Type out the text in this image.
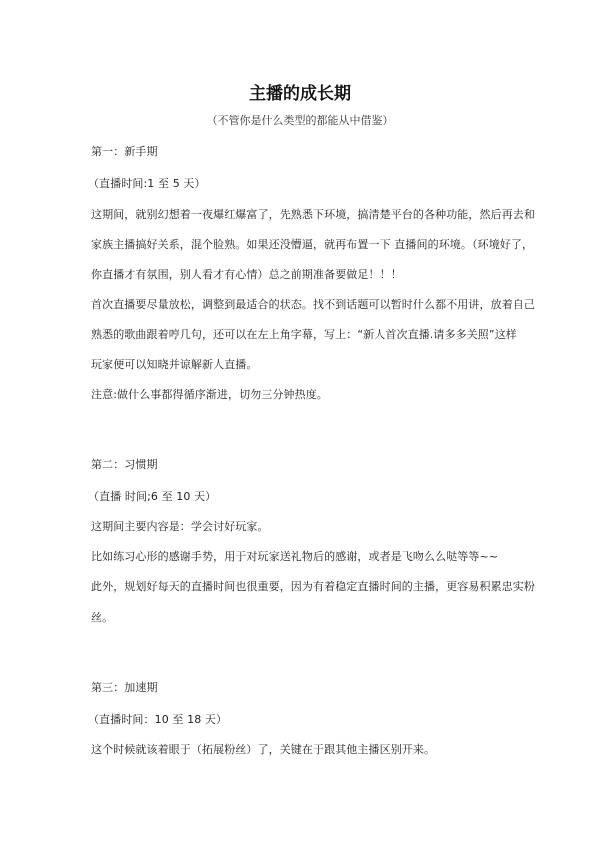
主播的成长期
（不管你是什么类型的都能从中借鉴）
第一：新手期
（直播时间:1 至 5 天）
这期间，就别幻想着一夜爆红爆富了，先熟悉下环境，搞清楚平台的各种功能，然后再去和
家族主播搞好关系，混个脸熟。如果还没懵逼，就再布置一下 直播间的环境。（环境好了，
你直播才有氛围，别人看才有心情）总之前期准备要做足！！！
首次直播要尽量放松，调整到最适合的状态。找不到话题可以暂时什么都不用讲，放着自己
熟悉的歌曲跟着哼几句，还可以在左上角字幕，写上：“新人首次直播.请多多关照”这样
玩家便可以知晓并谅解新人直播。
注意:做什么事都得循序渐进，切勿三分钟热度。
第二：习惯期
（直播 时间;6 至 10 天）
这期间主要内容是：学会讨好玩家。
比如练习心形的感谢手势，用于对玩家送礼物后的感谢，或者是飞吻么么哒等等~~
此外，规划好每天的直播时间也很重要，因为有着稳定直播时间的主播，更容易积累忠实粉
丝。
第三：加速期
（直播时间：10 至 18 天）
这个时候就该着眼于（拓展粉丝）了，关键在于跟其他主播区别开来。
